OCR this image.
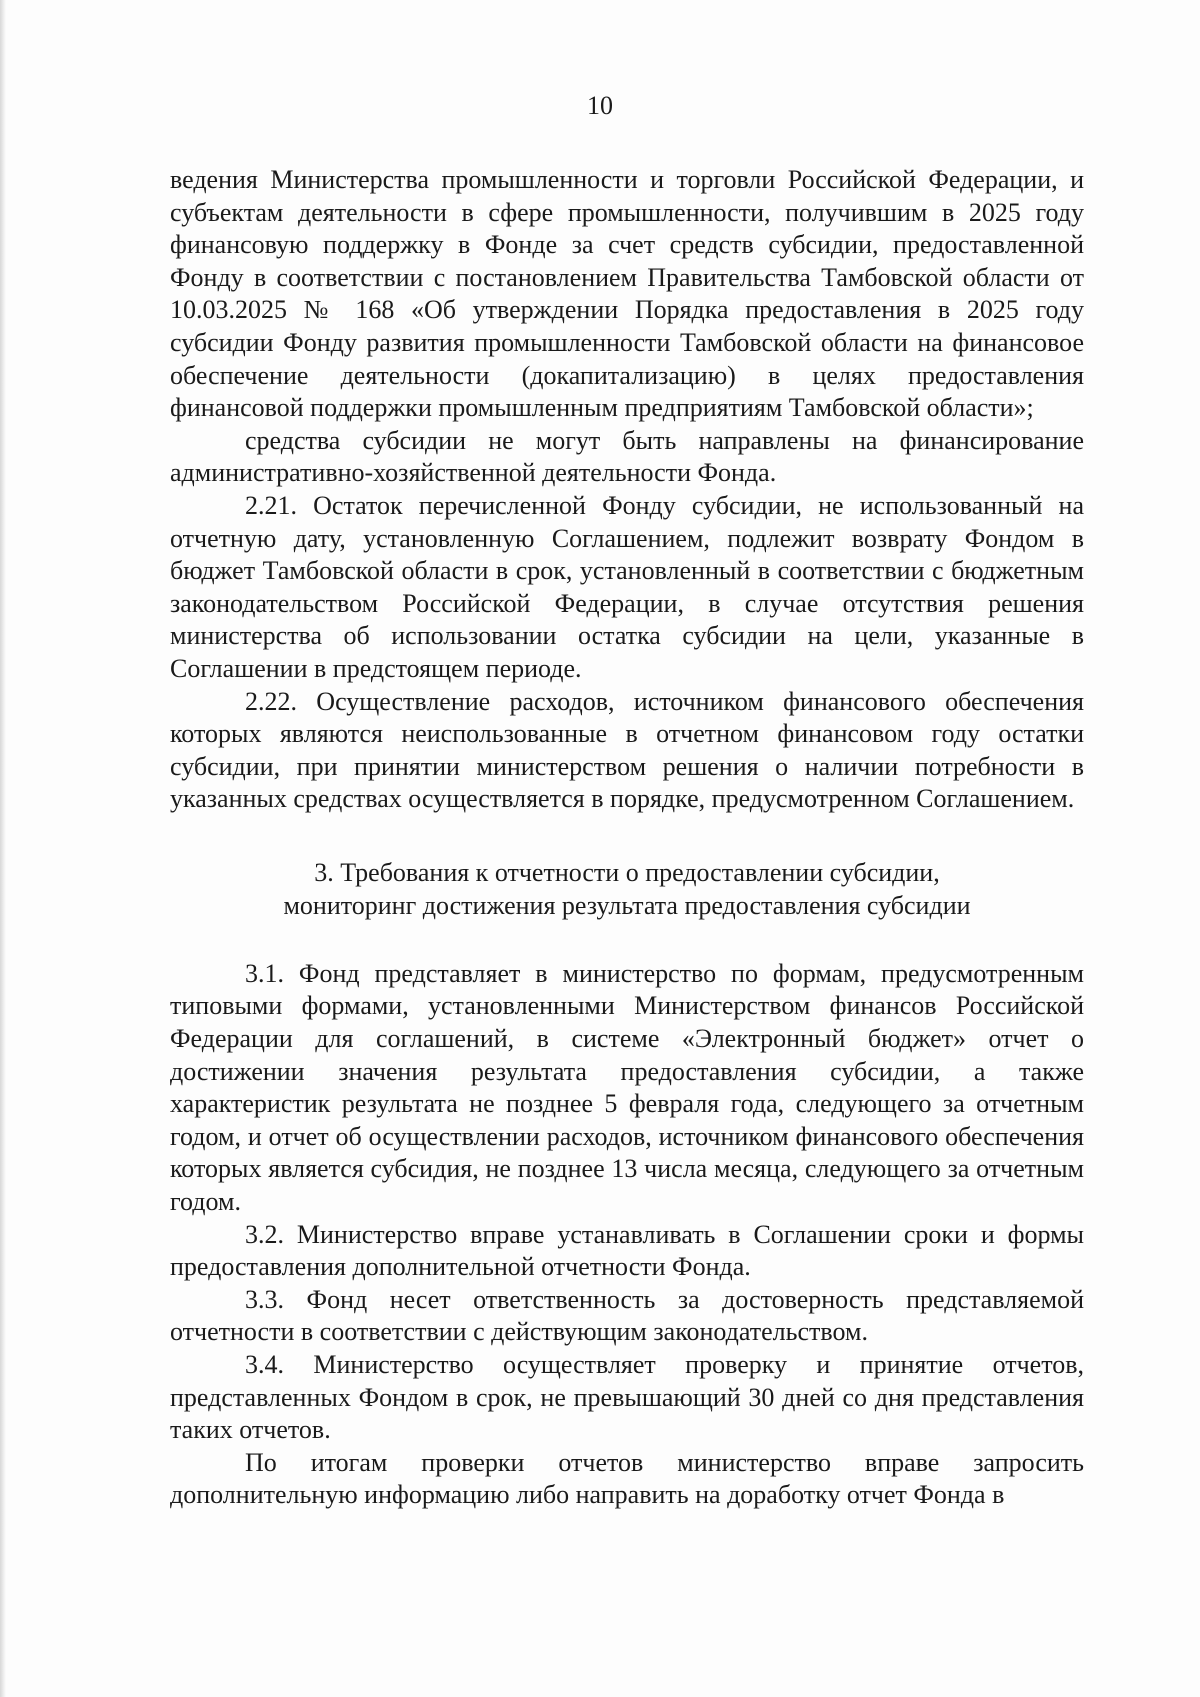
10

ведения Министерства промышленности и торговли Российской Федерации, и субъектам деятельности в сфере промышленности, получившим в 2025 году финансовую поддержку в Фонде за счет средств субсидии, предоставленной Фонду в соответствии с постановлением Правительства Тамбовской области от 10.03.2025 № 168 «Об утверждении Порядка предоставления в 2025 году субсидии Фонду развития промышленности Тамбовской области на финансовое обеспечение деятельности (докапитализацию) в целях предоставления финансовой поддержки промышленным предприятиям Тамбовской области»;

средства субсидии не могут быть направлены на финансирование административно-хозяйственной деятельности Фонда.

2.21. Остаток перечисленной Фонду субсидии, не использованный на отчетную дату, установленную Соглашением, подлежит возврату Фондом в бюджет Тамбовской области в срок, установленный в соответствии с бюджетным законодательством Российской Федерации, в случае отсутствия решения министерства об использовании остатка субсидии на цели, указанные в Соглашении в предстоящем периоде.

2.22. Осуществление расходов, источником финансового обеспечения которых являются неиспользованные в отчетном финансовом году остатки субсидии, при принятии министерством решения о наличии потребности в указанных средствах осуществляется в порядке, предусмотренном Соглашением.

3. Требования к отчетности о предоставлении субсидии,
мониторинг достижения результата предоставления субсидии

3.1. Фонд представляет в министерство по формам, предусмотренным типовыми формами, установленными Министерством финансов Российской Федерации для соглашений, в системе «Электронный бюджет» отчет о достижении значения результата предоставления субсидии, а также характеристик результата не позднее 5 февраля года, следующего за отчетным годом, и отчет об осуществлении расходов, источником финансового обеспечения которых является субсидия, не позднее 13 числа месяца, следующего за отчетным годом.

3.2. Министерство вправе устанавливать в Соглашении сроки и формы предоставления дополнительной отчетности Фонда.

3.3. Фонд несет ответственность за достоверность представляемой отчетности в соответствии с действующим законодательством.

3.4. Министерство осуществляет проверку и принятие отчетов, представленных Фондом в срок, не превышающий 30 дней со дня представления таких отчетов.

По итогам проверки отчетов министерство вправе запросить дополнительную информацию либо направить на доработку отчет Фонда в
